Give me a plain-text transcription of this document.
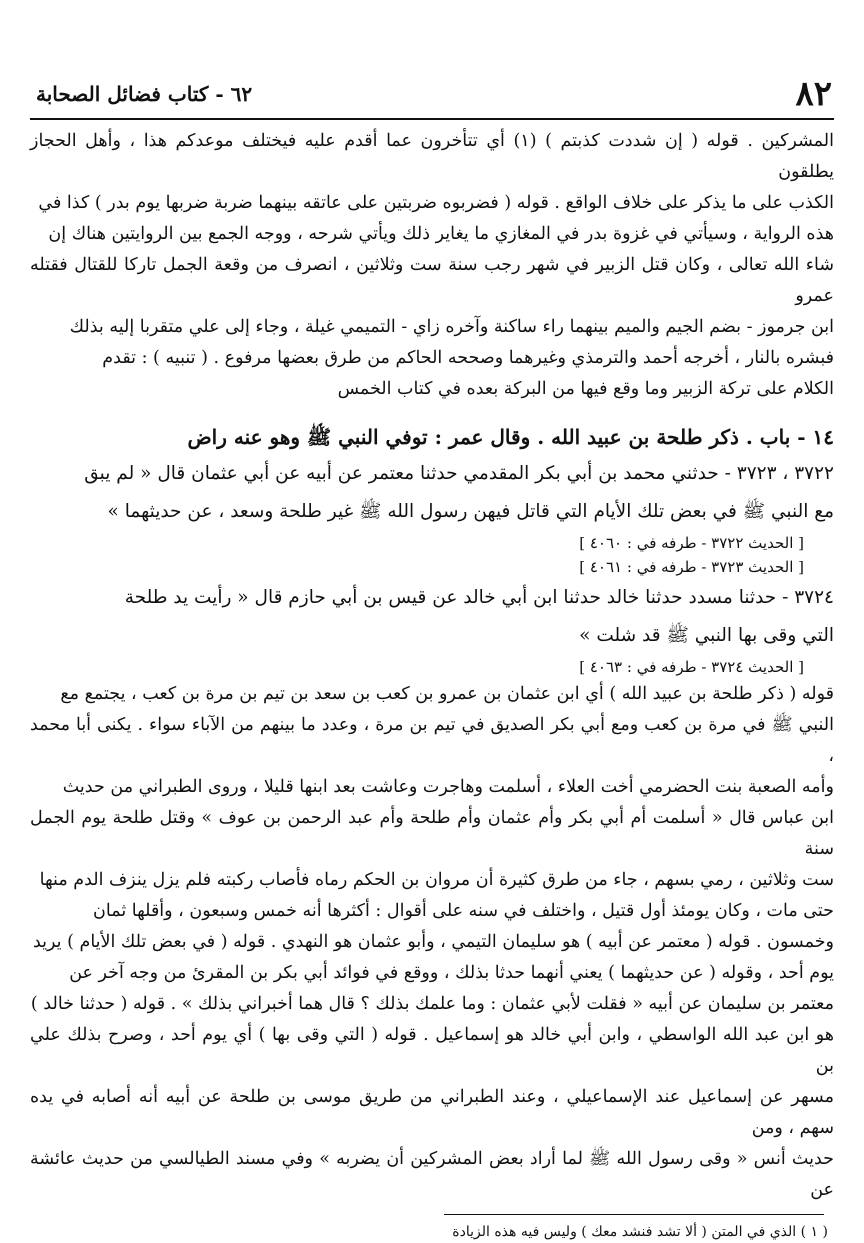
٨٢
٦٢ - كتاب فضائل الصحابة

المشركين . قوله ( إن شددت كذبتم ) (١) أي تتأخرون عما أقدم عليه فيختلف موعدكم هذا ، وأهل الحجاز يطلقون

الكذب على ما يذكر على خلاف الواقع . قوله ( فضربوه ضربتين على عاتقه بينهما ضربة ضربها يوم بدر ) كذا في

هذه الرواية ، وسيأتي في غزوة بدر في المغازي ما يغاير ذلك ويأتي شرحه ، ووجه الجمع بين الروايتين هناك إن

شاء الله تعالى ، وكان قتل الزبير في شهر رجب سنة ست وثلاثين ، انصرف من وقعة الجمل تاركا للقتال فقتله عمرو

ابن جرموز - بضم الجيم والميم بينهما راء ساكنة وآخره زاي - التميمي غيلة ، وجاء إلى علي متقربا إليه بذلك

فبشره بالنار ، أخرجه أحمد والترمذي وغيرهما وصححه الحاكم من طرق بعضها مرفوع . ( تنبيه ) : تقدم

الكلام على تركة الزبير وما وقع فيها من البركة بعده في كتاب الخمس

١٤ - باب . ذكر طلحة بن عبيد الله . وقال عمر : توفي النبي ﷺ وهو عنه راض

٣٧٢٢ ، ٣٧٢٣ - حدثني محمد بن أبي بكر المقدمي حدثنا معتمر عن أبيه عن أبي عثمان قال « لم يبق

مع النبي ﷺ في بعض تلك الأيام التي قاتل فيهن رسول الله ﷺ غير طلحة وسعد ، عن حديثهما »

[ الحديث ٣٧٢٢ - طرفه في : ٤٠٦٠ ]

[ الحديث ٣٧٢٣ - طرفه في : ٤٠٦١ ]

٣٧٢٤ - حدثنا مسدد حدثنا خالد حدثنا ابن أبي خالد عن قيس بن أبي حازم قال « رأيت يد طلحة

التي وقى بها النبي ﷺ قد شلت »

[ الحديث ٣٧٢٤ - طرفه في : ٤٠٦٣ ]

قوله ( ذكر طلحة بن عبيد الله ) أي ابن عثمان بن عمرو بن كعب بن سعد بن تيم بن مرة بن كعب ، يجتمع مع

النبي ﷺ في مرة بن كعب ومع أبي بكر الصديق في تيم بن مرة ، وعدد ما بينهم من الآباء سواء . يكنى أبا محمد ،

وأمه الصعبة بنت الحضرمي أخت العلاء ، أسلمت وهاجرت وعاشت بعد ابنها قليلا ، وروى الطبراني من حديث

ابن عباس قال « أسلمت أم أبي بكر وأم عثمان وأم طلحة وأم عبد الرحمن بن عوف » وقتل طلحة يوم الجمل سنة

ست وثلاثين ، رمي بسهم ، جاء من طرق كثيرة أن مروان بن الحكم رماه فأصاب ركبته فلم يزل ينزف الدم منها

حتى مات ، وكان يومئذ أول قتيل ، واختلف في سنه على أقوال : أكثرها أنه خمس وسبعون ، وأقلها ثمان

وخمسون . قوله ( معتمر عن أبيه ) هو سليمان التيمي ، وأبو عثمان هو النهدي . قوله ( في بعض تلك الأيام ) يريد

يوم أحد ، وقوله ( عن حديثهما ) يعني أنهما حدثا بذلك ، ووقع في فوائد أبي بكر بن المقرئ من وجه آخر عن

معتمر بن سليمان عن أبيه « فقلت لأبي عثمان : وما علمك بذلك ؟ قال هما أخبراني بذلك » . قوله ( حدثنا خالد )

هو ابن عبد الله الواسطي ، وابن أبي خالد هو إسماعيل . قوله ( التي وقى بها ) أي يوم أحد ، وصرح بذلك علي بن

مسهر عن إسماعيل عند الإسماعيلي ، وعند الطبراني من طريق موسى بن طلحة عن أبيه أنه أصابه في يده سهم ، ومن

حديث أنس « وقى رسول الله ﷺ لما أراد بعض المشركين أن يضربه » وفي مسند الطيالسي من حديث عائشة عن

( ١ ) الذي في المتن ( ألا تشد فنشد معك ) وليس فيه هذه الزيادة
